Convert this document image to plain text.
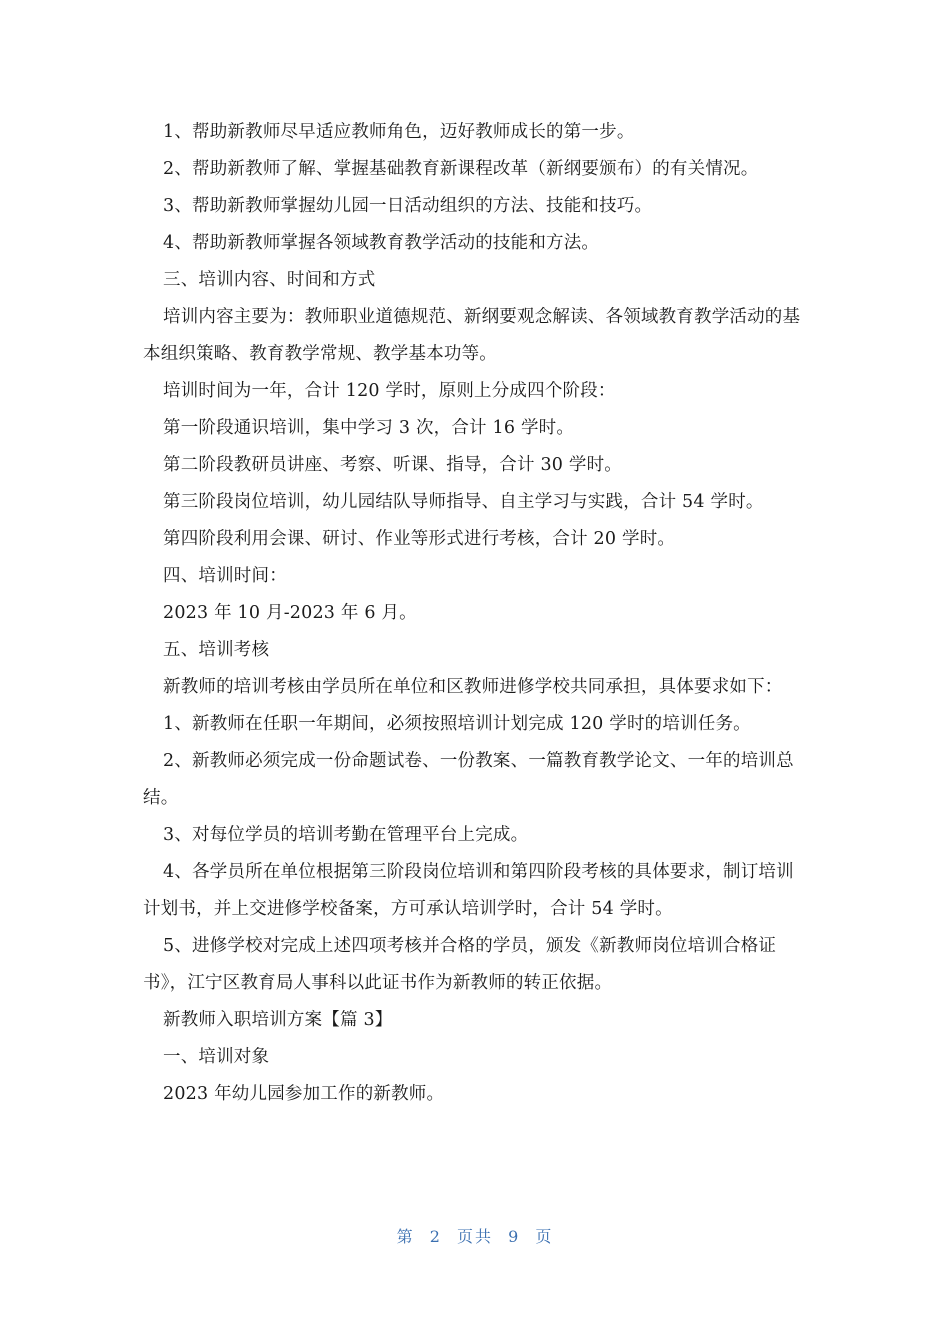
1、帮助新教师尽早适应教师角色，迈好教师成长的第一步。

2、帮助新教师了解、掌握基础教育新课程改革（新纲要颁布）的有关情况。

3、帮助新教师掌握幼儿园一日活动组织的方法、技能和技巧。

4、帮助新教师掌握各领域教育教学活动的技能和方法。

三、培训内容、时间和方式

培训内容主要为：教师职业道德规范、新纲要观念解读、各领域教育教学活动的基本组织策略、教育教学常规、教学基本功等。

培训时间为一年，合计 120 学时，原则上分成四个阶段：

第一阶段通识培训，集中学习 3 次，合计 16 学时。

第二阶段教研员讲座、考察、听课、指导，合计 30 学时。

第三阶段岗位培训，幼儿园结队导师指导、自主学习与实践，合计 54 学时。

第四阶段利用会课、研讨、作业等形式进行考核，合计 20 学时。

四、培训时间：

2023 年 10 月-2023 年 6 月。

五、培训考核

新教师的培训考核由学员所在单位和区教师进修学校共同承担，具体要求如下：

1、新教师在任职一年期间，必须按照培训计划完成 120 学时的培训任务。

2、新教师必须完成一份命题试卷、一份教案、一篇教育教学论文、一年的培训总结。

3、对每位学员的培训考勤在管理平台上完成。

4、各学员所在单位根据第三阶段岗位培训和第四阶段考核的具体要求，制订培训计划书，并上交进修学校备案，方可承认培训学时，合计 54 学时。

5、进修学校对完成上述四项考核并合格的学员，颁发《新教师岗位培训合格证书》，江宁区教育局人事科以此证书作为新教师的转正依据。

新教师入职培训方案【篇 3】

一、培训对象

2023 年幼儿园参加工作的新教师。

第 2 页共 9 页
